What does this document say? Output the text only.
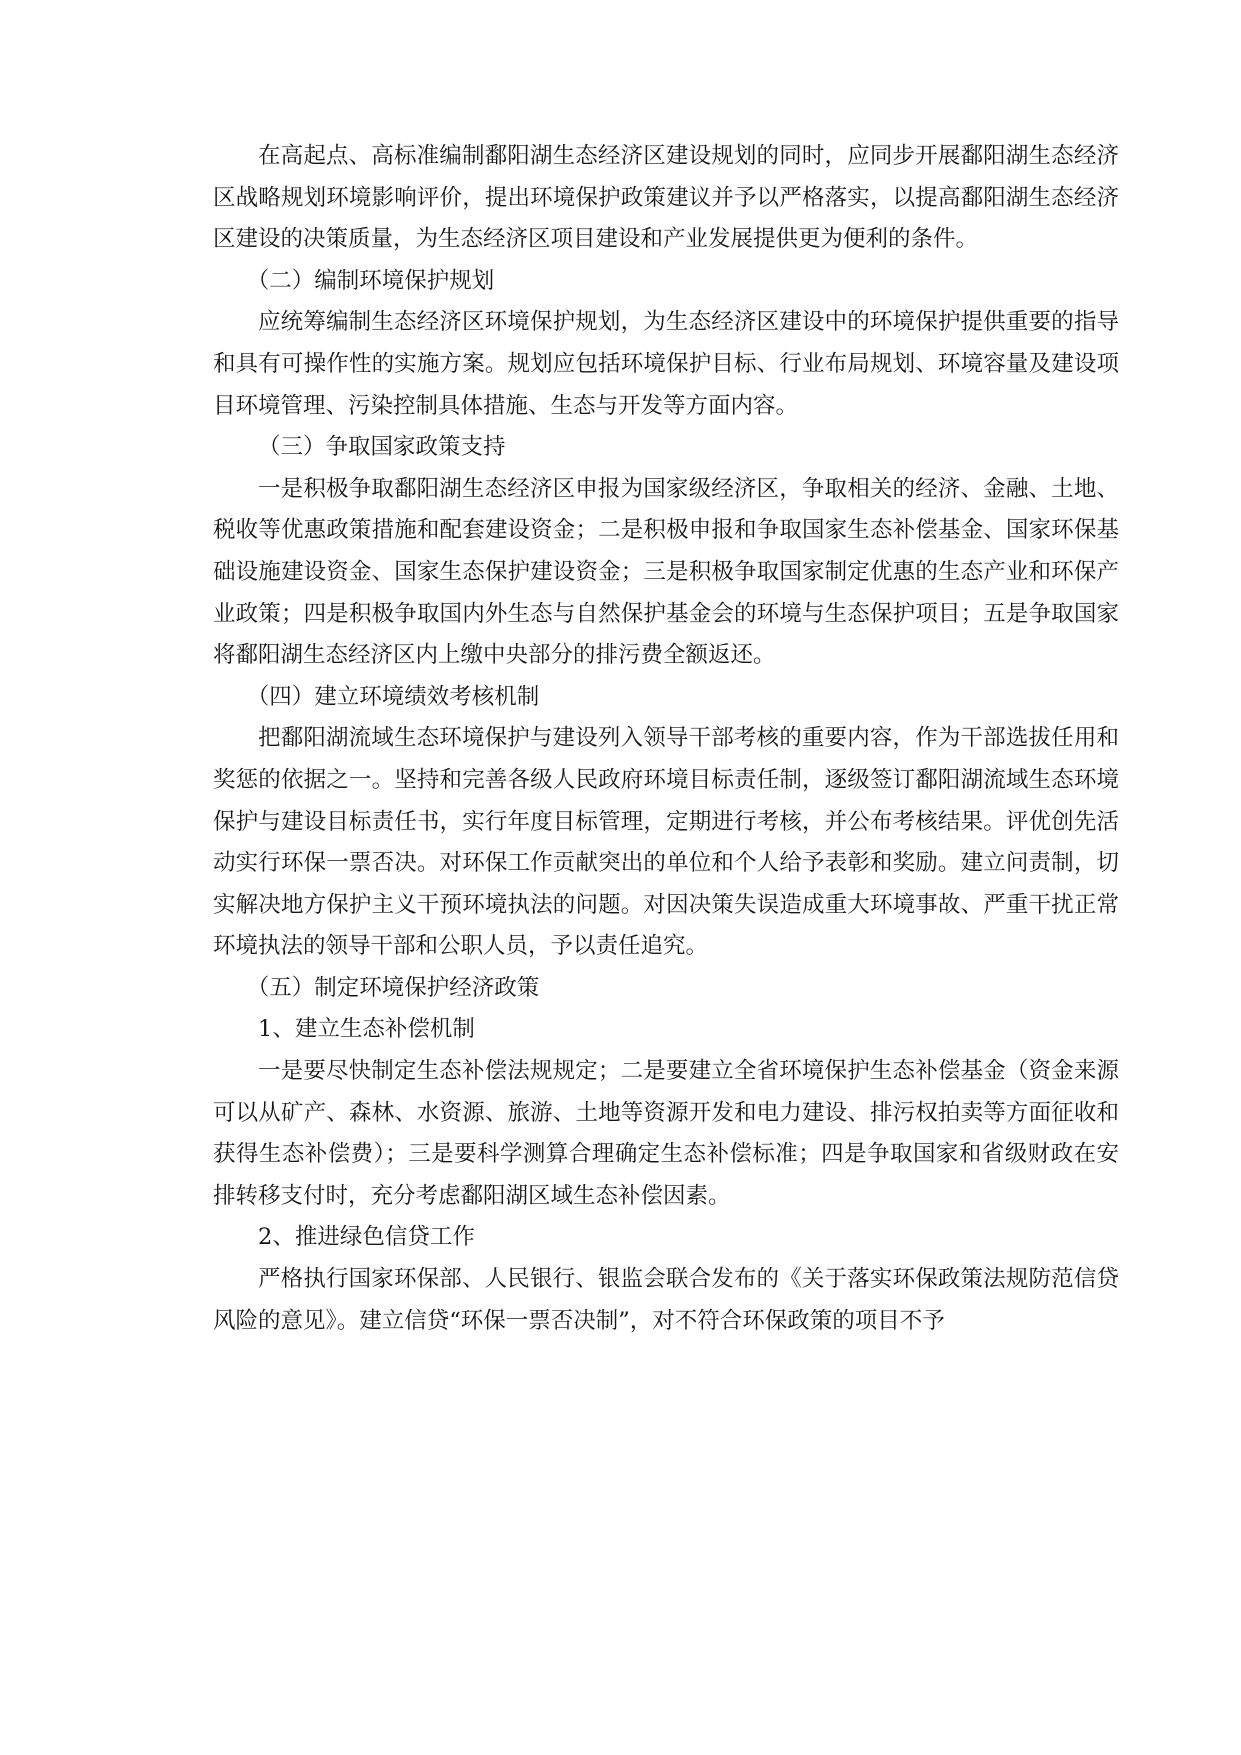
在高起点、高标准编制鄱阳湖生态经济区建设规划的同时，应同步开展鄱阳湖生态经济区战略规划环境影响评价，提出环境保护政策建议并予以严格落实，以提高鄱阳湖生态经济区建设的决策质量，为生态经济区项目建设和产业发展提供更为便利的条件。

（二）编制环境保护规划

应统筹编制生态经济区环境保护规划，为生态经济区建设中的环境保护提供重要的指导和具有可操作性的实施方案。规划应包括环境保护目标、行业布局规划、环境容量及建设项目环境管理、污染控制具体措施、生态与开发等方面内容。

（三）争取国家政策支持

一是积极争取鄱阳湖生态经济区申报为国家级经济区，争取相关的经济、金融、土地、税收等优惠政策措施和配套建设资金；二是积极申报和争取国家生态补偿基金、国家环保基础设施建设资金、国家生态保护建设资金；三是积极争取国家制定优惠的生态产业和环保产业政策；四是积极争取国内外生态与自然保护基金会的环境与生态保护项目；五是争取国家将鄱阳湖生态经济区内上缴中央部分的排污费全额返还。

（四）建立环境绩效考核机制

把鄱阳湖流域生态环境保护与建设列入领导干部考核的重要内容，作为干部选拔任用和奖惩的依据之一。坚持和完善各级人民政府环境目标责任制，逐级签订鄱阳湖流域生态环境保护与建设目标责任书，实行年度目标管理，定期进行考核，并公布考核结果。评优创先活动实行环保一票否决。对环保工作贡献突出的单位和个人给予表彰和奖励。建立问责制，切实解决地方保护主义干预环境执法的问题。对因决策失误造成重大环境事故、严重干扰正常环境执法的领导干部和公职人员，予以责任追究。

（五）制定环境保护经济政策

1、建立生态补偿机制

一是要尽快制定生态补偿法规规定；二是要建立全省环境保护生态补偿基金（资金来源可以从矿产、森林、水资源、旅游、土地等资源开发和电力建设、排污权拍卖等方面征收和获得生态补偿费）；三是要科学测算合理确定生态补偿标准；四是争取国家和省级财政在安排转移支付时，充分考虑鄱阳湖区域生态补偿因素。

2、推进绿色信贷工作

严格执行国家环保部、人民银行、银监会联合发布的《关于落实环保政策法规防范信贷风险的意见》。建立信贷“环保一票否决制”，对不符合环保政策的项目不予
